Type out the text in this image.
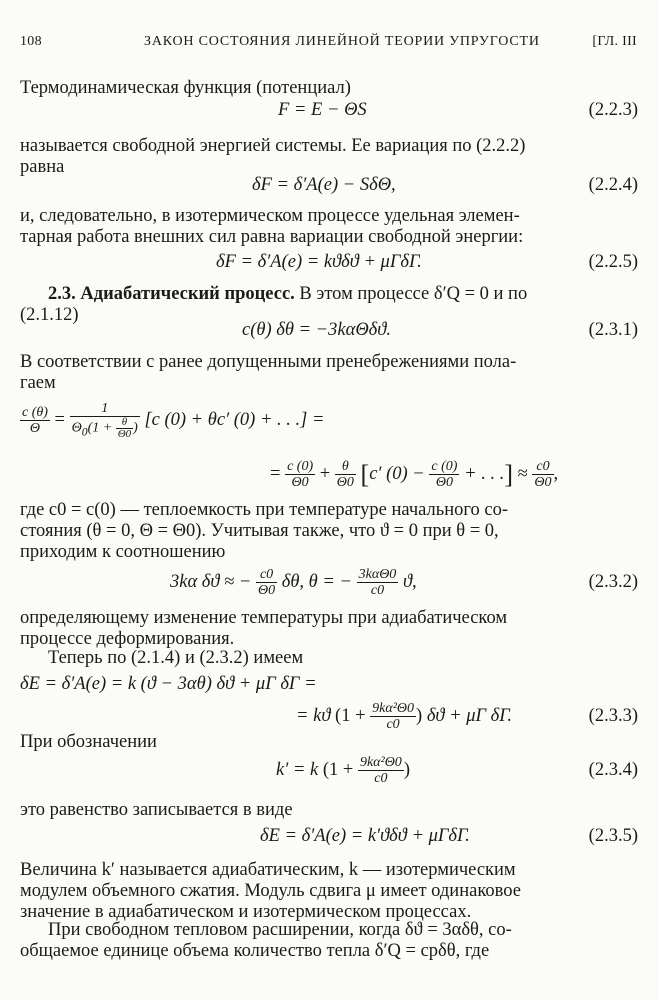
108	ЗАКОН СОСТОЯНИЯ ЛИНЕЙНОЙ ТЕОРИИ УПРУГОСТИ	[ГЛ. III
Термодинамическая функция (потенциал)
F = E − ΘS	(2.2.3)
называется свободной энергией системы. Ее вариация по (2.2.2)
равна
δF = δ′A(e) − SδΘ,	(2.2.4)
и, следовательно, в изотермическом процессе удельная элемен-
тарная работа внешних сил равна вариации свободной энергии:
δF = δ′A(e) = kϑδϑ + μΓδΓ.	(2.2.5)
2.3. Адиабатический процесс. В этом процессе δ′Q = 0 и по
(2.1.12)
c(θ) δθ = −3kαΘδϑ.	(2.3.1)
В соответствии с ранее допущенными пренебрежениями пола-
гаем
$\frac{c (\theta)}{\Theta} = \frac{1}{\Theta_0(1 + \frac{\theta}{\Theta 0} )} [c$ (0) + θc′ (0) + . . .] =
= $\frac{c (0)}{\Theta 0} + \frac{\theta}{\Theta 0} [c'$ $(0) - \frac{c (0)}{\Theta 0}$ + . . .] ≈ $\frac{c0}{\Theta 0}$ ,
где c0 = c(0) — теплоемкость при температуре начального со-
стояния (θ = 0, Θ = Θ0). Учитывая также, что ϑ = 0 при θ = 0,
приходим к соотношению
3kα δϑ ≈ − $\frac{c0}{\Theta 0} \delta\theta$, θ = − $\frac{\text{3kαΘ0}}{c0} ϑ$,	(2.3.2)
определяющему изменение температуры при адиабатическом
процессе деформирования.
Теперь по (2.1.4) и (2.3.2) имеем
δE = δ′A(e) = k (ϑ − 3αθ) δϑ + μΓ δΓ =
= kϑ ($1 + \frac{\text{9kα²Θ0}}{c0}$ ) δϑ + μΓ δΓ.	(2.3.3)
При обозначении
k′ = k ($1 + \frac{\text{9kα²Θ0}}{c0}$ )	(2.3.4)
это равенство записывается в виде
δE = δ′A(e) = k′ϑδϑ + μΓδΓ.	(2.3.5)
Величина k′ называется адиабатическим, k — изотермическим
модулем объемного сжатия. Модуль сдвига μ имеет одинаковое
значение в адиабатическом и изотермическом процессах.
При свободном тепловом расширении, когда δϑ = 3αδθ, со-
общаемое единице объема количество тепла δ′Q = cpδθ, где
